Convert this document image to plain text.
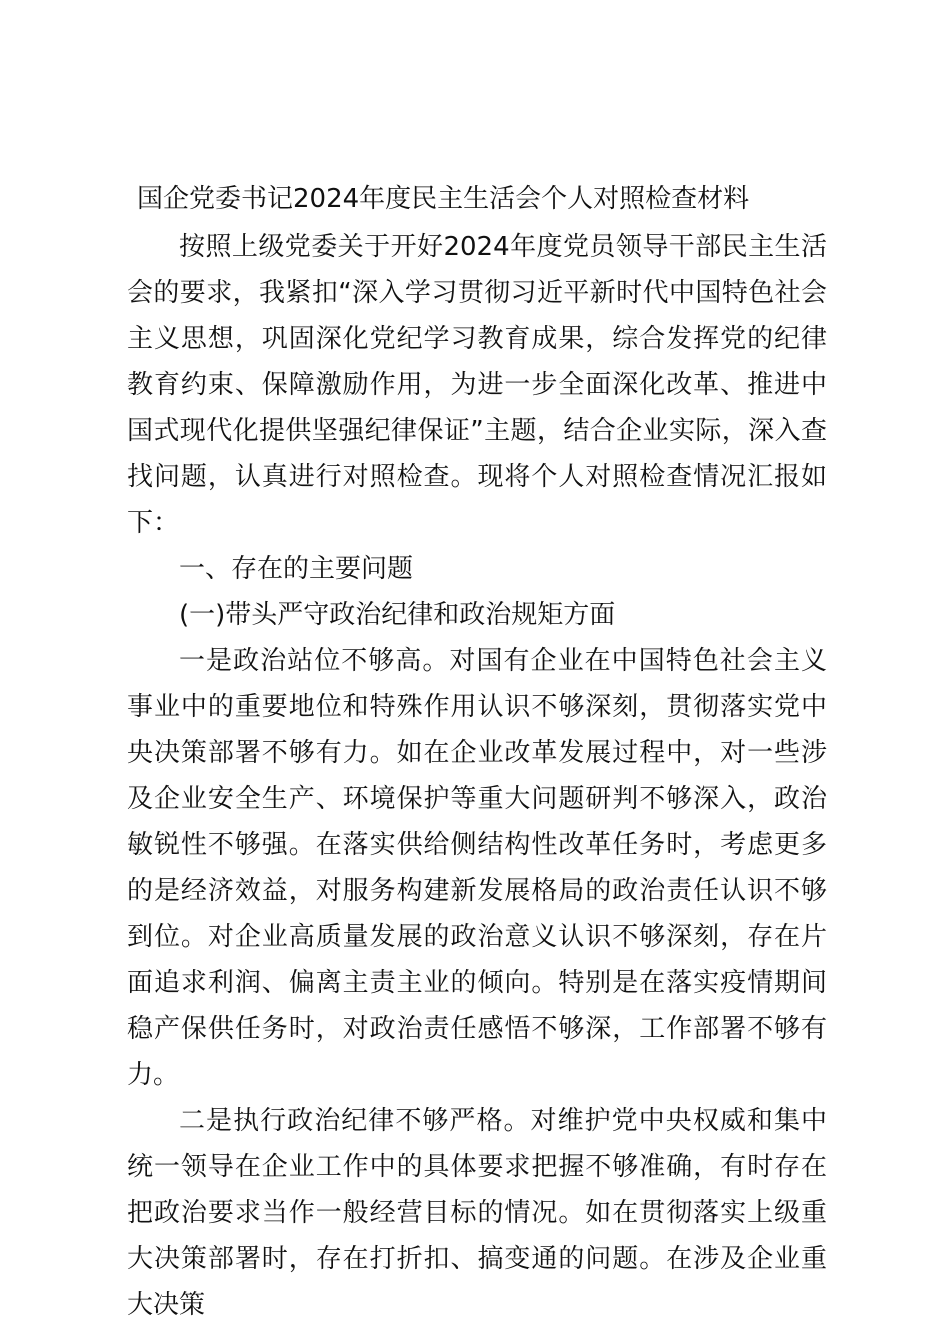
国企党委书记2024年度民主生活会个人对照检查材料

按照上级党委关于开好2024年度党员领导干部民主生活会的要求，我紧扣“深入学习贯彻习近平新时代中国特色社会主义思想，巩固深化党纪学习教育成果，综合发挥党的纪律教育约束、保障激励作用，为进一步全面深化改革、推进中国式现代化提供坚强纪律保证”主题，结合企业实际，深入查找问题，认真进行对照检查。现将个人对照检查情况汇报如下：

一、存在的主要问题

(一)带头严守政治纪律和政治规矩方面

一是政治站位不够高。对国有企业在中国特色社会主义事业中的重要地位和特殊作用认识不够深刻，贯彻落实党中央决策部署不够有力。如在企业改革发展过程中，对一些涉及企业安全生产、环境保护等重大问题研判不够深入，政治敏锐性不够强。在落实供给侧结构性改革任务时，考虑更多的是经济效益，对服务构建新发展格局的政治责任认识不够到位。对企业高质量发展的政治意义认识不够深刻，存在片面追求利润、偏离主责主业的倾向。特别是在落实疫情期间稳产保供任务时，对政治责任感悟不够深，工作部署不够有力。

二是执行政治纪律不够严格。对维护党中央权威和集中统一领导在企业工作中的具体要求把握不够准确，有时存在把政治要求当作一般经营目标的情况。如在贯彻落实上级重大决策部署时，存在打折扣、搞变通的问题。在涉及企业重大决策
